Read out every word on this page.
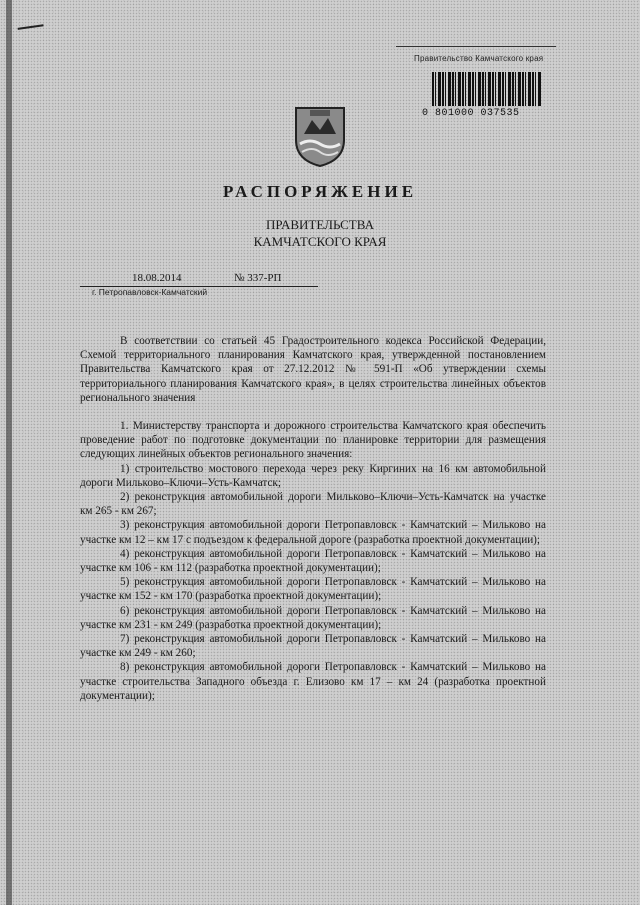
Правительство Камчатского края
0 801000 037535
РАСПОРЯЖЕНИЕ
ПРАВИТЕЛЬСТВА
КАМЧАТСКОГО КРАЯ
18.08.2014	№ 337-РП
г. Петропавловск-Камчатский

В соответствии со статьей 45 Градостроительного кодекса Российской Федерации, Схемой территориального планирования Камчатского края, утвержденной постановлением Правительства Камчатского края от 27.12.2012 № 591-П «Об утверждении схемы территориального планирования Камчатского края», в целях строительства линейных объектов регионального значения

1. Министерству транспорта и дорожного строительства Камчатского края обеспечить проведение работ по подготовке документации по планировке территории для размещения следующих линейных объектов регионального значения:

1) строительство мостового перехода через реку Киргиних на 16 км автомобильной дороги Мильково–Ключи–Усть-Камчатск;

2) реконструкция автомобильной дороги Мильково–Ключи–Усть-Камчатск на участке км 265 - км 267;

3) реконструкция автомобильной дороги Петропавловск - Камчатский – Мильково на участке км 12 – км 17 с подъездом к федеральной дороге (разработка проектной документации);

4) реконструкция автомобильной дороги Петропавловск - Камчатский – Мильково на участке км 106 - км 112 (разработка проектной документации);

5) реконструкция автомобильной дороги Петропавловск - Камчатский – Мильково на участке км 152 - км 170 (разработка проектной документации);

6) реконструкция автомобильной дороги Петропавловск - Камчатский – Мильково на участке км 231 - км 249 (разработка проектной документации);

7) реконструкция автомобильной дороги Петропавловск - Камчатский – Мильково на участке км 249 - км 260;

8) реконструкция автомобильной дороги Петропавловск - Камчатский – Мильково на участке строительства Западного объезда г. Елизово км 17 – км 24 (разработка проектной документации);
